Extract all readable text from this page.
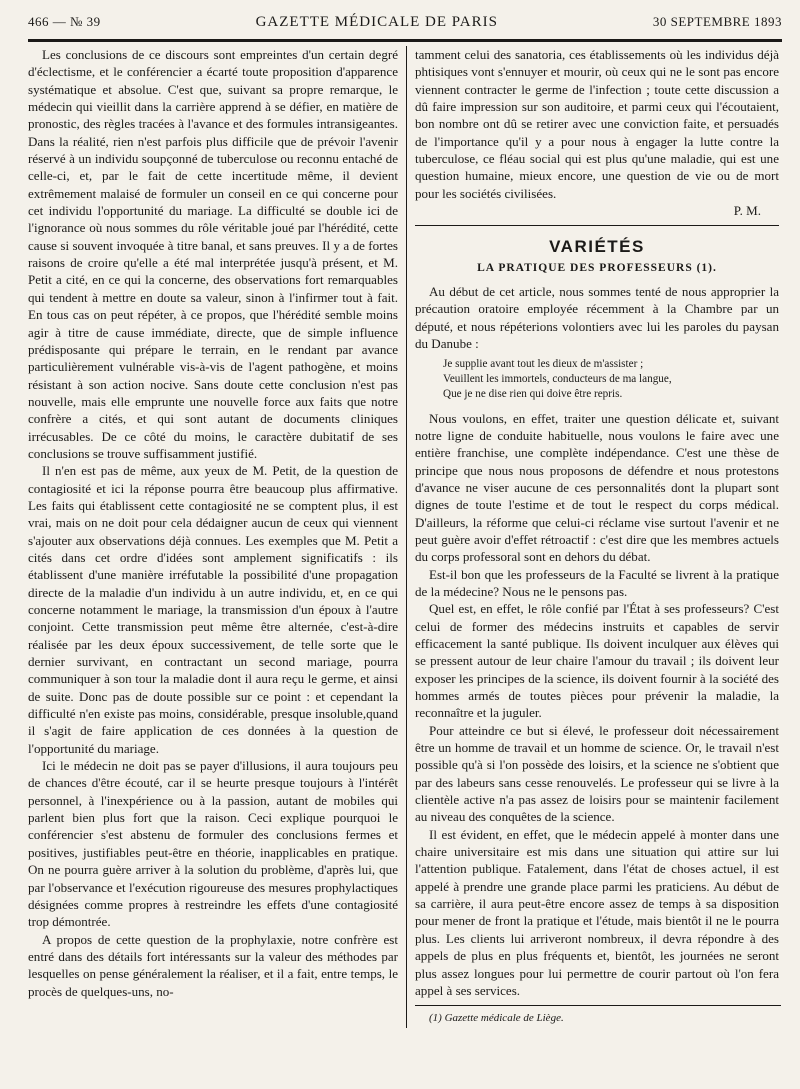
466 — № 39	GAZETTE MÉDICALE DE PARIS	30 SEPTEMBRE 1893

Les conclusions de ce discours sont empreintes d'un certain degré d'éclectisme, et le conférencier a écarté toute proposition d'apparence systématique et absolue. C'est que, suivant sa propre remarque, le médecin qui vieillit dans la carrière apprend à se défier, en matière de pronostic, des règles tracées à l'avance et des formules intransigeantes. Dans la réalité, rien n'est parfois plus difficile que de prévoir l'avenir réservé à un individu soupçonné de tuberculose ou reconnu entaché de celle-ci, et, par le fait de cette incertitude même, il devient extrêmement malaisé de formuler un conseil en ce qui concerne pour cet individu l'opportunité du mariage. La difficulté se double ici de l'ignorance où nous sommes du rôle véritable joué par l'hérédité, cette cause si souvent invoquée à titre banal, et sans preuves. Il y a de fortes raisons de croire qu'elle a été mal interprétée jusqu'à présent, et M. Petit a cité, en ce qui la concerne, des observations fort remarquables qui tendent à mettre en doute sa valeur, sinon à l'infirmer tout à fait. En tous cas on peut répéter, à ce propos, que l'hérédité semble moins agir à titre de cause immédiate, directe, que de simple influence prédisposante qui prépare le terrain, en le rendant par avance particulièrement vulnérable vis-à-vis de l'agent pathogène, et moins résistant à son action nocive. Sans doute cette conclusion n'est pas nouvelle, mais elle emprunte une nouvelle force aux faits que notre confrère a cités, et qui sont autant de documents cliniques irrécusables. De ce côté du moins, le caractère dubitatif de ses conclusions se trouve suffisamment justifié.

Il n'en est pas de même, aux yeux de M. Petit, de la question de contagiosité et ici la réponse pourra être beaucoup plus affirmative. Les faits qui établissent cette contagiosité ne se comptent plus, il est vrai, mais on ne doit pour cela dédaigner aucun de ceux qui viennent s'ajouter aux observations déjà connues. Les exemples que M. Petit a cités dans cet ordre d'idées sont amplement significatifs : ils établissent d'une manière irréfutable la possibilité d'une propagation directe de la maladie d'un individu à un autre individu, et, en ce qui concerne notamment le mariage, la transmission d'un époux à l'autre conjoint. Cette transmission peut même être alternée, c'est-à-dire réalisée par les deux époux successivement, de telle sorte que le dernier survivant, en contractant un second mariage, pourra communiquer à son tour la maladie dont il aura reçu le germe, et ainsi de suite. Donc pas de doute possible sur ce point : et cependant la difficulté n'en existe pas moins, considérable, presque insoluble,quand il s'agit de faire application de ces données à la question de l'opportunité du mariage.

Ici le médecin ne doit pas se payer d'illusions, il aura toujours peu de chances d'être écouté, car il se heurte presque toujours à l'intérêt personnel, à l'inexpérience ou à la passion, autant de mobiles qui parlent bien plus fort que la raison. Ceci explique pourquoi le conférencier s'est abstenu de formuler des conclusions fermes et positives, justifiables peut-être en théorie, inapplicables en pratique. On ne pourra guère arriver à la solution du problème, d'après lui, que par l'observance et l'exécution rigoureuse des mesures prophylactiques désignées comme propres à restreindre les effets d'une contagiosité trop démontrée.

A propos de cette question de la prophylaxie, notre confrère est entré dans des détails fort intéressants sur la valeur des méthodes par lesquelles on pense généralement la réaliser, et il a fait, entre temps, le procès de quelques-uns, no-

tamment celui des sanatoria, ces établissements où les individus déjà phtisiques vont s'ennuyer et mourir, où ceux qui ne le sont pas encore viennent contracter le germe de l'infection ; toute cette discussion a dû faire impression sur son auditoire, et parmi ceux qui l'écoutaient, bon nombre ont dû se retirer avec une conviction faite, et persuadés de l'importance qu'il y a pour nous à engager la lutte contre la tuberculose, ce fléau social qui est plus qu'une maladie, qui est une question humaine, mieux encore, une question de vie ou de mort pour les sociétés civilisées.

P. M.
VARIÉTÉS
LA PRATIQUE DES PROFESSEURS (1).

Au début de cet article, nous sommes tenté de nous approprier la précaution oratoire employée récemment à la Chambre par un député, et nous répéterions volontiers avec lui les paroles du paysan du Danube :

Je supplie avant tout les dieux de m'assister ;
Veuillent les immortels, conducteurs de ma langue,
Que je ne dise rien qui doive être repris.

Nous voulons, en effet, traiter une question délicate et, suivant notre ligne de conduite habituelle, nous voulons le faire avec une entière franchise, une complète indépendance. C'est une thèse de principe que nous nous proposons de défendre et nous protestons d'avance ne viser aucune de ces personnalités dont la plupart sont dignes de toute l'estime et de tout le respect du corps médical. D'ailleurs, la réforme que celui-ci réclame vise surtout l'avenir et ne peut guère avoir d'effet rétroactif : c'est dire que les membres actuels du corps professoral sont en dehors du débat.

Est-il bon que les professeurs de la Faculté se livrent à la pratique de la médecine? Nous ne le pensons pas.

Quel est, en effet, le rôle confié par l'État à ses professeurs? C'est celui de former des médecins instruits et capables de servir efficacement la santé publique. Ils doivent inculquer aux élèves qui se pressent autour de leur chaire l'amour du travail ; ils doivent leur exposer les principes de la science, ils doivent fournir à la société des hommes armés de toutes pièces pour prévenir la maladie, la reconnaître et la juguler.

Pour atteindre ce but si élevé, le professeur doit nécessairement être un homme de travail et un homme de science. Or, le travail n'est possible qu'à si l'on possède des loisirs, et la science ne s'obtient que par des labeurs sans cesse renouvelés. Le professeur qui se livre à la clientèle active n'a pas assez de loisirs pour se maintenir facilement au niveau des conquêtes de la science.

Il est évident, en effet, que le médecin appelé à monter dans une chaire universitaire est mis dans une situation qui attire sur lui l'attention publique. Fatalement, dans l'état de choses actuel, il est appelé à prendre une grande place parmi les praticiens. Au début de sa carrière, il aura peut-être encore assez de temps à sa disposition pour mener de front la pratique et l'étude, mais bientôt il ne le pourra plus. Les clients lui arriveront nombreux, il devra répondre à des appels de plus en plus fréquents et, bientôt, les journées ne seront plus assez longues pour lui permettre de courir partout où l'on fera appel à ses services.

(1) Gazette médicale de Liège.
